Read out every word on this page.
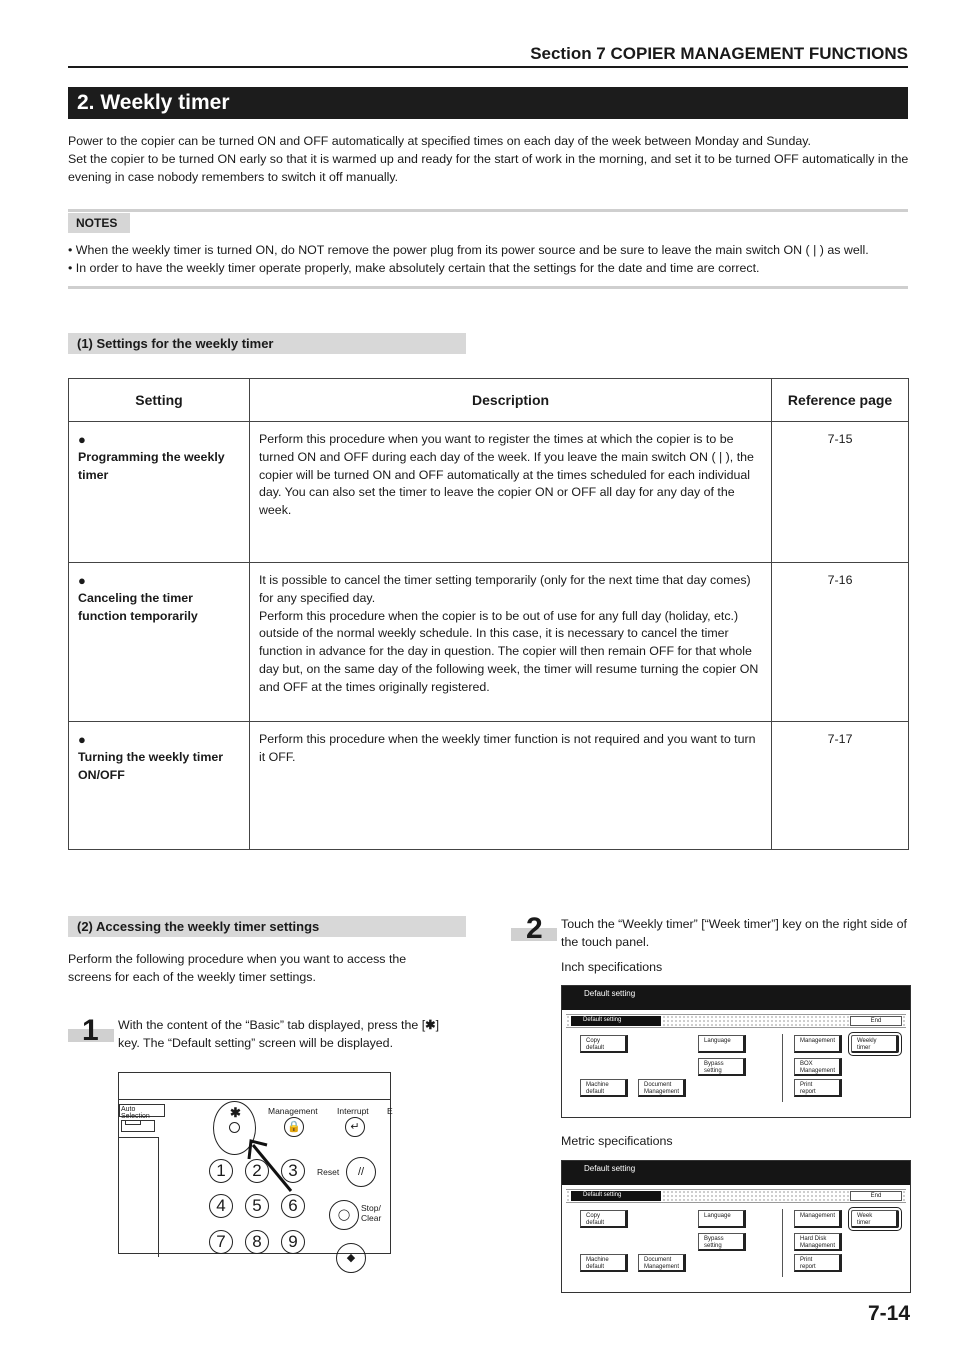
Section 7 COPIER MANAGEMENT FUNCTIONS
2. Weekly timer

Power to the copier can be turned ON and OFF automatically at specified times on each day of the week between Monday and Sunday.

Set the copier to be turned ON early so that it is warmed up and ready for the start of work in the morning, and set it to be turned OFF automatically in the evening in case nobody remembers to switch it off manually.

NOTES
• When the weekly timer is turned ON, do NOT remove the power plug from its power source and be sure to leave the main switch ON ( | ) as well.
• In order to have the weekly timer operate properly, make absolutely certain that the settings for the date and time are correct.
(1) Settings for the weekly timer
Setting	Description	Reference page
●Programming the weekly timer	Perform this procedure when you want to register the times at which the copier is to be turned ON and OFF during each day of the week. If you leave the main switch ON ( | ), the copier will be turned ON and OFF automatically at the times scheduled for each individual day. You can also set the timer to leave the copier ON or OFF all day for any day of the week.	7-15
●Canceling the timer function temporarily	It is possible to cancel the timer setting temporarily (only for the next time that day comes) for any specified day.
Perform this procedure when the copier is to be out of use for any full day (holiday, etc.) outside of the normal weekly schedule. In this case, it is necessary to cancel the timer function in advance for the day in question. The copier will then remain OFF for that whole day but, on the same day of the following week, the timer will resume turning the copier ON and OFF at the times originally registered.	7-16
●Turning the weekly timer ON/OFF	Perform this procedure when the weekly timer function is not required and you want to turn it OFF.	7-17
(2) Accessing the weekly timer settings
Perform the following procedure when you want to access the screens for each of the weekly timer settings.
1 With the content of the “Basic” tab displayed, press the [✱] key. The “Default setting” screen will be displayed.
Auto Selection	✱	Management
🔒
Interrupt
↵
E
1	2	3
4	5	6
7	8	9
Reset	//
◯
Stop/
Clear
◆
2 Touch the “Weekly timer” [“Week timer”] key on the right side of the touch panel.
Inch specifications
Default setting
Default setting	End
Copy
default
Language
Bypass
setting
Machine
default
Document
Management
Management
BOX
Management
Print
report
Weekly
timer
Metric specifications
Default setting
Default setting	End
Copy
default
Language
Bypass
setting
Machine
default
Document
Management
Management
Hard Disk
Management
Print
report
Week
timer
7-14
